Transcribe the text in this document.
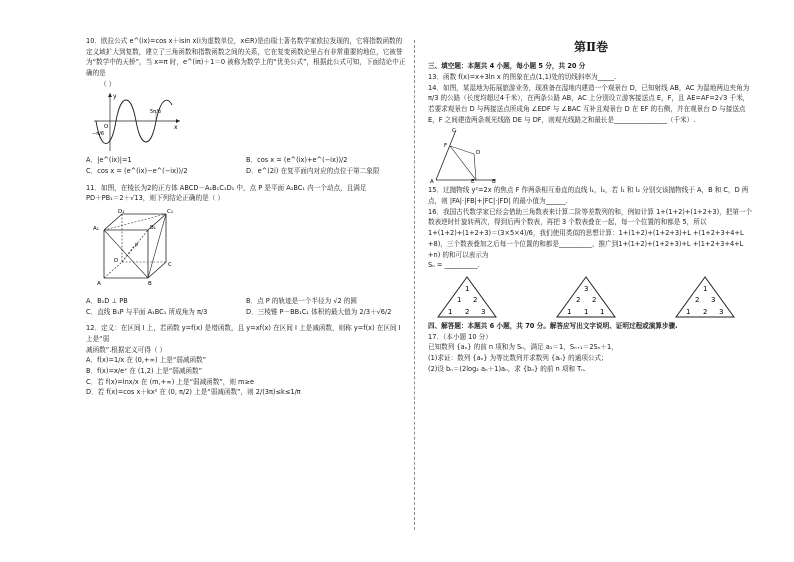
10．欧拉公式 e^(ix)=cos x＋isin x(i为虚数单位，x∈R)是由瑞士著名数学家欧拉发现的，它将指数函数的定义域扩大到复数，建立了三角函数和指数函数之间的关系，它在复变函数论里占有非常重要的地位，它被誉为“数学中的天桥”，当 x=π 时，e^(iπ)＋1＝0 被称为数学上的“优美公式”，根据此公式可知，下面结论中正确的是

（ ）

y
x
O
−π/6
5π/6
A．|e^(ix)|=1	B．cos x = (e^(ix)+e^(−ix))/2
C．cos x = (e^(ix)−e^(−ix))/2	D．e^(2i) 在复平面内对应的点位于第二象限

11．如图，在棱长为2的正方体 ABCD－A₁B₁C₁D₁ 中，点 P 是平面 A₁BC₁ 内一个动点，且满足

PD＋PB₁＝2＋√13，则下列结论正确的是（ ）

D₁	C₁
A₁	B₁
P
D
C
A	B
A．B₁D ⊥ PB	B．点 P 的轨迹是一个半径为 √2 的圆
C．直线 B₁P 与平面 A₁BC₁ 所成角为 π/3	D．三棱锥 P－BB₁C₁ 体积的最大值为 2/3＋√6/2

12．定义：在区间 I 上，若函数 y=f(x) 是增函数，且 y=xf(x) 在区间 I 上是减函数，则称 y=f(x) 在区间 I 上是“弱

减函数”.根据定义可得（ ）

A．f(x)=1/x 在 (0,+∞) 上是“弱减函数”

B．f(x)=x/eˣ 在 (1,2) 上是“弱减函数”

C．若 f(x)=lnx/x 在 (m,+∞) 上是“弱减函数”，则 m≥e

D．若 f(x)=cos x＋kx² 在 (0, π/2) 上是“弱减函数”，则 2/(3π)≤k≤1/π

第Ⅱ卷

三、填空题：本题共 4 小题，每小题 5 分，共 20 分

13．函数 f(x)=x+3ln x 的图象在点(1,1)处的切线斜率为_____.

14．如图，某湿地为拓展旅游业务，现准备在湿地内建造一个观景台 D，已知射线 AB，AC 为湿地两边夹角为 π/3 的公路（长度均超过4千米），在两条公路 AB，AC 上分别设立游客接送点 E，F，且 AE=AF=2√3 千米，若要求观景台 D 与两接送点所成角 ∠EDF 与 ∠BAC 互补且观景台 D 在 EF 的右侧，并在观景台 D 与接送点 E，F 之间建造两条观光线路 DE 与 DF，则观光线路之和最长是________________（千米）.

C
F
D
A	E	B

15．过抛物线 y²=2x 的焦点 F 作两条相互垂直的直线 l₁，l₂，若 l₁ 和 l₂ 分别交该抛物线于 A，B 和 C，D 两点，则 |FA|·|FB|+|FC|·|FD| 的最小值为______.

16．我国古代数学家已经会借助三角数表来计算二阶等差数列的和，例如计算 1+(1+2)+(1+2+3)，把第一个数表逆时针旋转两次，得到后两个数表，再把 3 个数表叠在一起，每一个位置的和都是 5，所以

1+(1+2)+(1+2+3)＝(3×5×4)/6，我们使用类似的思想计算：1+(1+2)+(1+2+3)+L +(1+2+3+4+L +8)，三个数表叠加之后每一个位置的和都是__________，推广到1+(1+2)+(1+2+3)+L +(1+2+3+4+L +n) 的和可以表示为

Sₙ = __________.

1
1 2
1 2 3
3
2 2
1 1 1
1
2 3
1 2 3

四、解答题：本题共 6 小题，共 70 分。解答应写出文字说明、证明过程或演算步骤.

17．（本小题 10 分）

已知数列 {aₙ} 的前 n 项和为 Sₙ，满足 a₁＝1，Sₙ₊₁＝2Sₙ＋1，

(1)求证：数列 {aₙ} 为等比数列并求数列 {aₙ} 的通项公式；

(2)设 bₙ＝(2log₂ aₙ＋1)aₙ，求 {bₙ} 的前 n 项和 Tₙ.
